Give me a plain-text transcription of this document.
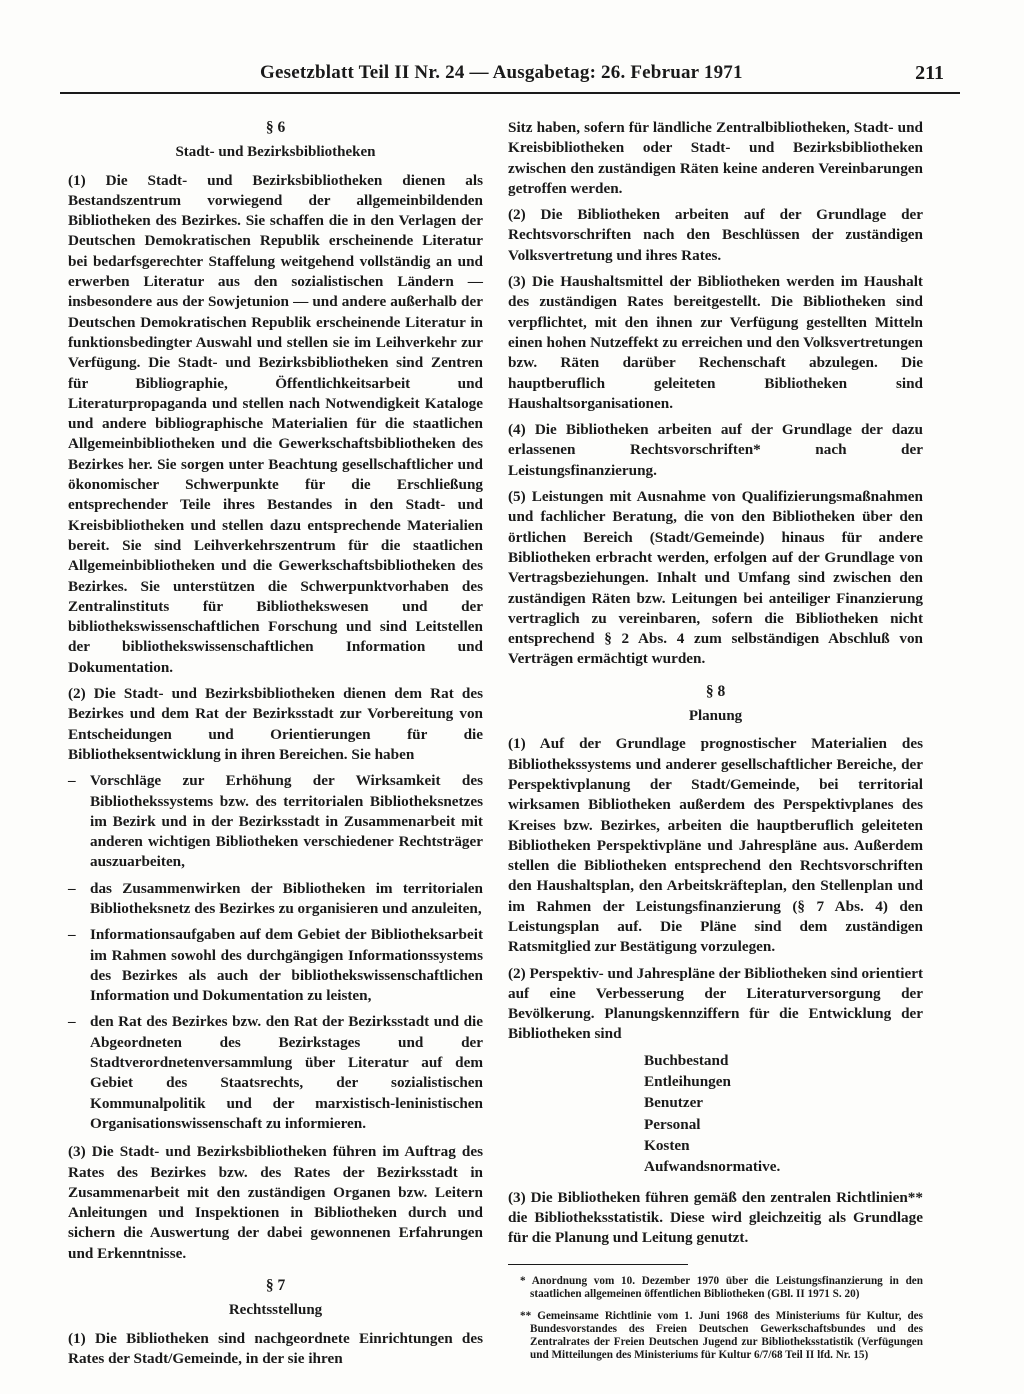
Gesetzblatt Teil II Nr. 24 — Ausgabetag: 26. Februar 1971	211
§ 6
Stadt- und Bezirksbibliotheken

(1) Die Stadt- und Bezirksbibliotheken dienen als Bestandszentrum vorwiegend der allgemeinbildenden Bibliotheken des Bezirkes. Sie schaffen die in den Verlagen der Deutschen Demokratischen Republik erscheinende Literatur bei bedarfsgerechter Staffelung weitgehend vollständig an und erwerben Literatur aus den sozialistischen Ländern — insbesondere aus der Sowjetunion — und andere außerhalb der Deutschen Demokratischen Republik erscheinende Literatur in funktionsbedingter Auswahl und stellen sie im Leihverkehr zur Verfügung. Die Stadt- und Bezirksbibliotheken sind Zentren für Bibliographie, Öffentlichkeitsarbeit und Literaturpropaganda und stellen nach Notwendigkeit Kataloge und andere bibliographische Materialien für die staatlichen Allgemeinbibliotheken und die Gewerkschaftsbibliotheken des Bezirkes her. Sie sorgen unter Beachtung gesellschaftlicher und ökonomischer Schwerpunkte für die Erschließung entsprechender Teile ihres Bestandes in den Stadt- und Kreisbibliotheken und stellen dazu entsprechende Materialien bereit. Sie sind Leihverkehrszentrum für die staatlichen Allgemeinbibliotheken und die Gewerkschaftsbibliotheken des Bezirkes. Sie unterstützen die Schwerpunktvorhaben des Zentralinstituts für Bibliothekswesen und der bibliothekswissenschaftlichen Forschung und sind Leitstellen der bibliothekswissenschaftlichen Information und Dokumentation.

(2) Die Stadt- und Bezirksbibliotheken dienen dem Rat des Bezirkes und dem Rat der Bezirksstadt zur Vorbereitung von Entscheidungen und Orientierungen für die Bibliotheksentwicklung in ihren Bereichen. Sie haben

– Vorschläge zur Erhöhung der Wirksamkeit des Bibliothekssystems bzw. des territorialen Bibliotheksnetzes im Bezirk und in der Bezirksstadt in Zusammenarbeit mit anderen wichtigen Bibliotheken verschiedener Rechtsträger auszuarbeiten,
– das Zusammenwirken der Bibliotheken im territorialen Bibliotheksnetz des Bezirkes zu organisieren und anzuleiten,
– Informationsaufgaben auf dem Gebiet der Bibliotheksarbeit im Rahmen sowohl des durchgängigen Informationssystems des Bezirkes als auch der bibliothekswissenschaftlichen Information und Dokumentation zu leisten,
– den Rat des Bezirkes bzw. den Rat der Bezirksstadt und die Abgeordneten des Bezirkstages und der Stadtverordnetenversammlung über Literatur auf dem Gebiet des Staatsrechts, der sozialistischen Kommunalpolitik und der marxistisch-leninistischen Organisationswissenschaft zu informieren.

(3) Die Stadt- und Bezirksbibliotheken führen im Auftrag des Rates des Bezirkes bzw. des Rates der Bezirksstadt in Zusammenarbeit mit den zuständigen Organen bzw. Leitern Anleitungen und Inspektionen in Bibliotheken durch und sichern die Auswertung der dabei gewonnenen Erfahrungen und Erkenntnisse.

§ 7
Rechtsstellung

(1) Die Bibliotheken sind nachgeordnete Einrichtungen des Rates der Stadt/Gemeinde, in der sie ihren

Sitz haben, sofern für ländliche Zentralbibliotheken, Stadt- und Kreisbibliotheken oder Stadt- und Bezirksbibliotheken zwischen den zuständigen Räten keine anderen Vereinbarungen getroffen werden.

(2) Die Bibliotheken arbeiten auf der Grundlage der Rechtsvorschriften nach den Beschlüssen der zuständigen Volksvertretung und ihres Rates.

(3) Die Haushaltsmittel der Bibliotheken werden im Haushalt des zuständigen Rates bereitgestellt. Die Bibliotheken sind verpflichtet, mit den ihnen zur Verfügung gestellten Mitteln einen hohen Nutzeffekt zu erreichen und den Volksvertretungen bzw. Räten darüber Rechenschaft abzulegen. Die hauptberuflich geleiteten Bibliotheken sind Haushaltsorganisationen.

(4) Die Bibliotheken arbeiten auf der Grundlage der dazu erlassenen Rechtsvorschriften* nach der Leistungsfinanzierung.

(5) Leistungen mit Ausnahme von Qualifizierungsmaßnahmen und fachlicher Beratung, die von den Bibliotheken über den örtlichen Bereich (Stadt/Gemeinde) hinaus für andere Bibliotheken erbracht werden, erfolgen auf der Grundlage von Vertragsbeziehungen. Inhalt und Umfang sind zwischen den zuständigen Räten bzw. Leitungen bei anteiliger Finanzierung vertraglich zu vereinbaren, sofern die Bibliotheken nicht entsprechend § 2 Abs. 4 zum selbständigen Abschluß von Verträgen ermächtigt wurden.

§ 8
Planung

(1) Auf der Grundlage prognostischer Materialien des Bibliothekssystems und anderer gesellschaftlicher Bereiche, der Perspektivplanung der Stadt/Gemeinde, bei territorial wirksamen Bibliotheken außerdem des Perspektivplanes des Kreises bzw. Bezirkes, arbeiten die hauptberuflich geleiteten Bibliotheken Perspektivpläne und Jahrespläne aus. Außerdem stellen die Bibliotheken entsprechend den Rechtsvorschriften den Haushaltsplan, den Arbeitskräfteplan, den Stellenplan und im Rahmen der Leistungsfinanzierung (§ 7 Abs. 4) den Leistungsplan auf. Die Pläne sind dem zuständigen Ratsmitglied zur Bestätigung vorzulegen.

(2) Perspektiv- und Jahrespläne der Bibliotheken sind orientiert auf eine Verbesserung der Literaturversorgung der Bevölkerung. Planungskennziffern für die Entwicklung der Bibliotheken sind

Buchbestand
Entleihungen
Benutzer
Personal
Kosten
Aufwandsnormative.

(3) Die Bibliotheken führen gemäß den zentralen Richtlinien** die Bibliotheksstatistik. Diese wird gleichzeitig als Grundlage für die Planung und Leitung genutzt.

* Anordnung vom 10. Dezember 1970 über die Leistungsfinanzierung in den staatlichen allgemeinen öffentlichen Bibliotheken (GBl. II 1971 S. 20)

** Gemeinsame Richtlinie vom 1. Juni 1968 des Ministeriums für Kultur, des Bundesvorstandes des Freien Deutschen Gewerkschaftsbundes und des Zentralrates der Freien Deutschen Jugend zur Bibliotheksstatistik (Verfügungen und Mitteilungen des Ministeriums für Kultur 6/7/68 Teil II lfd. Nr. 15)
